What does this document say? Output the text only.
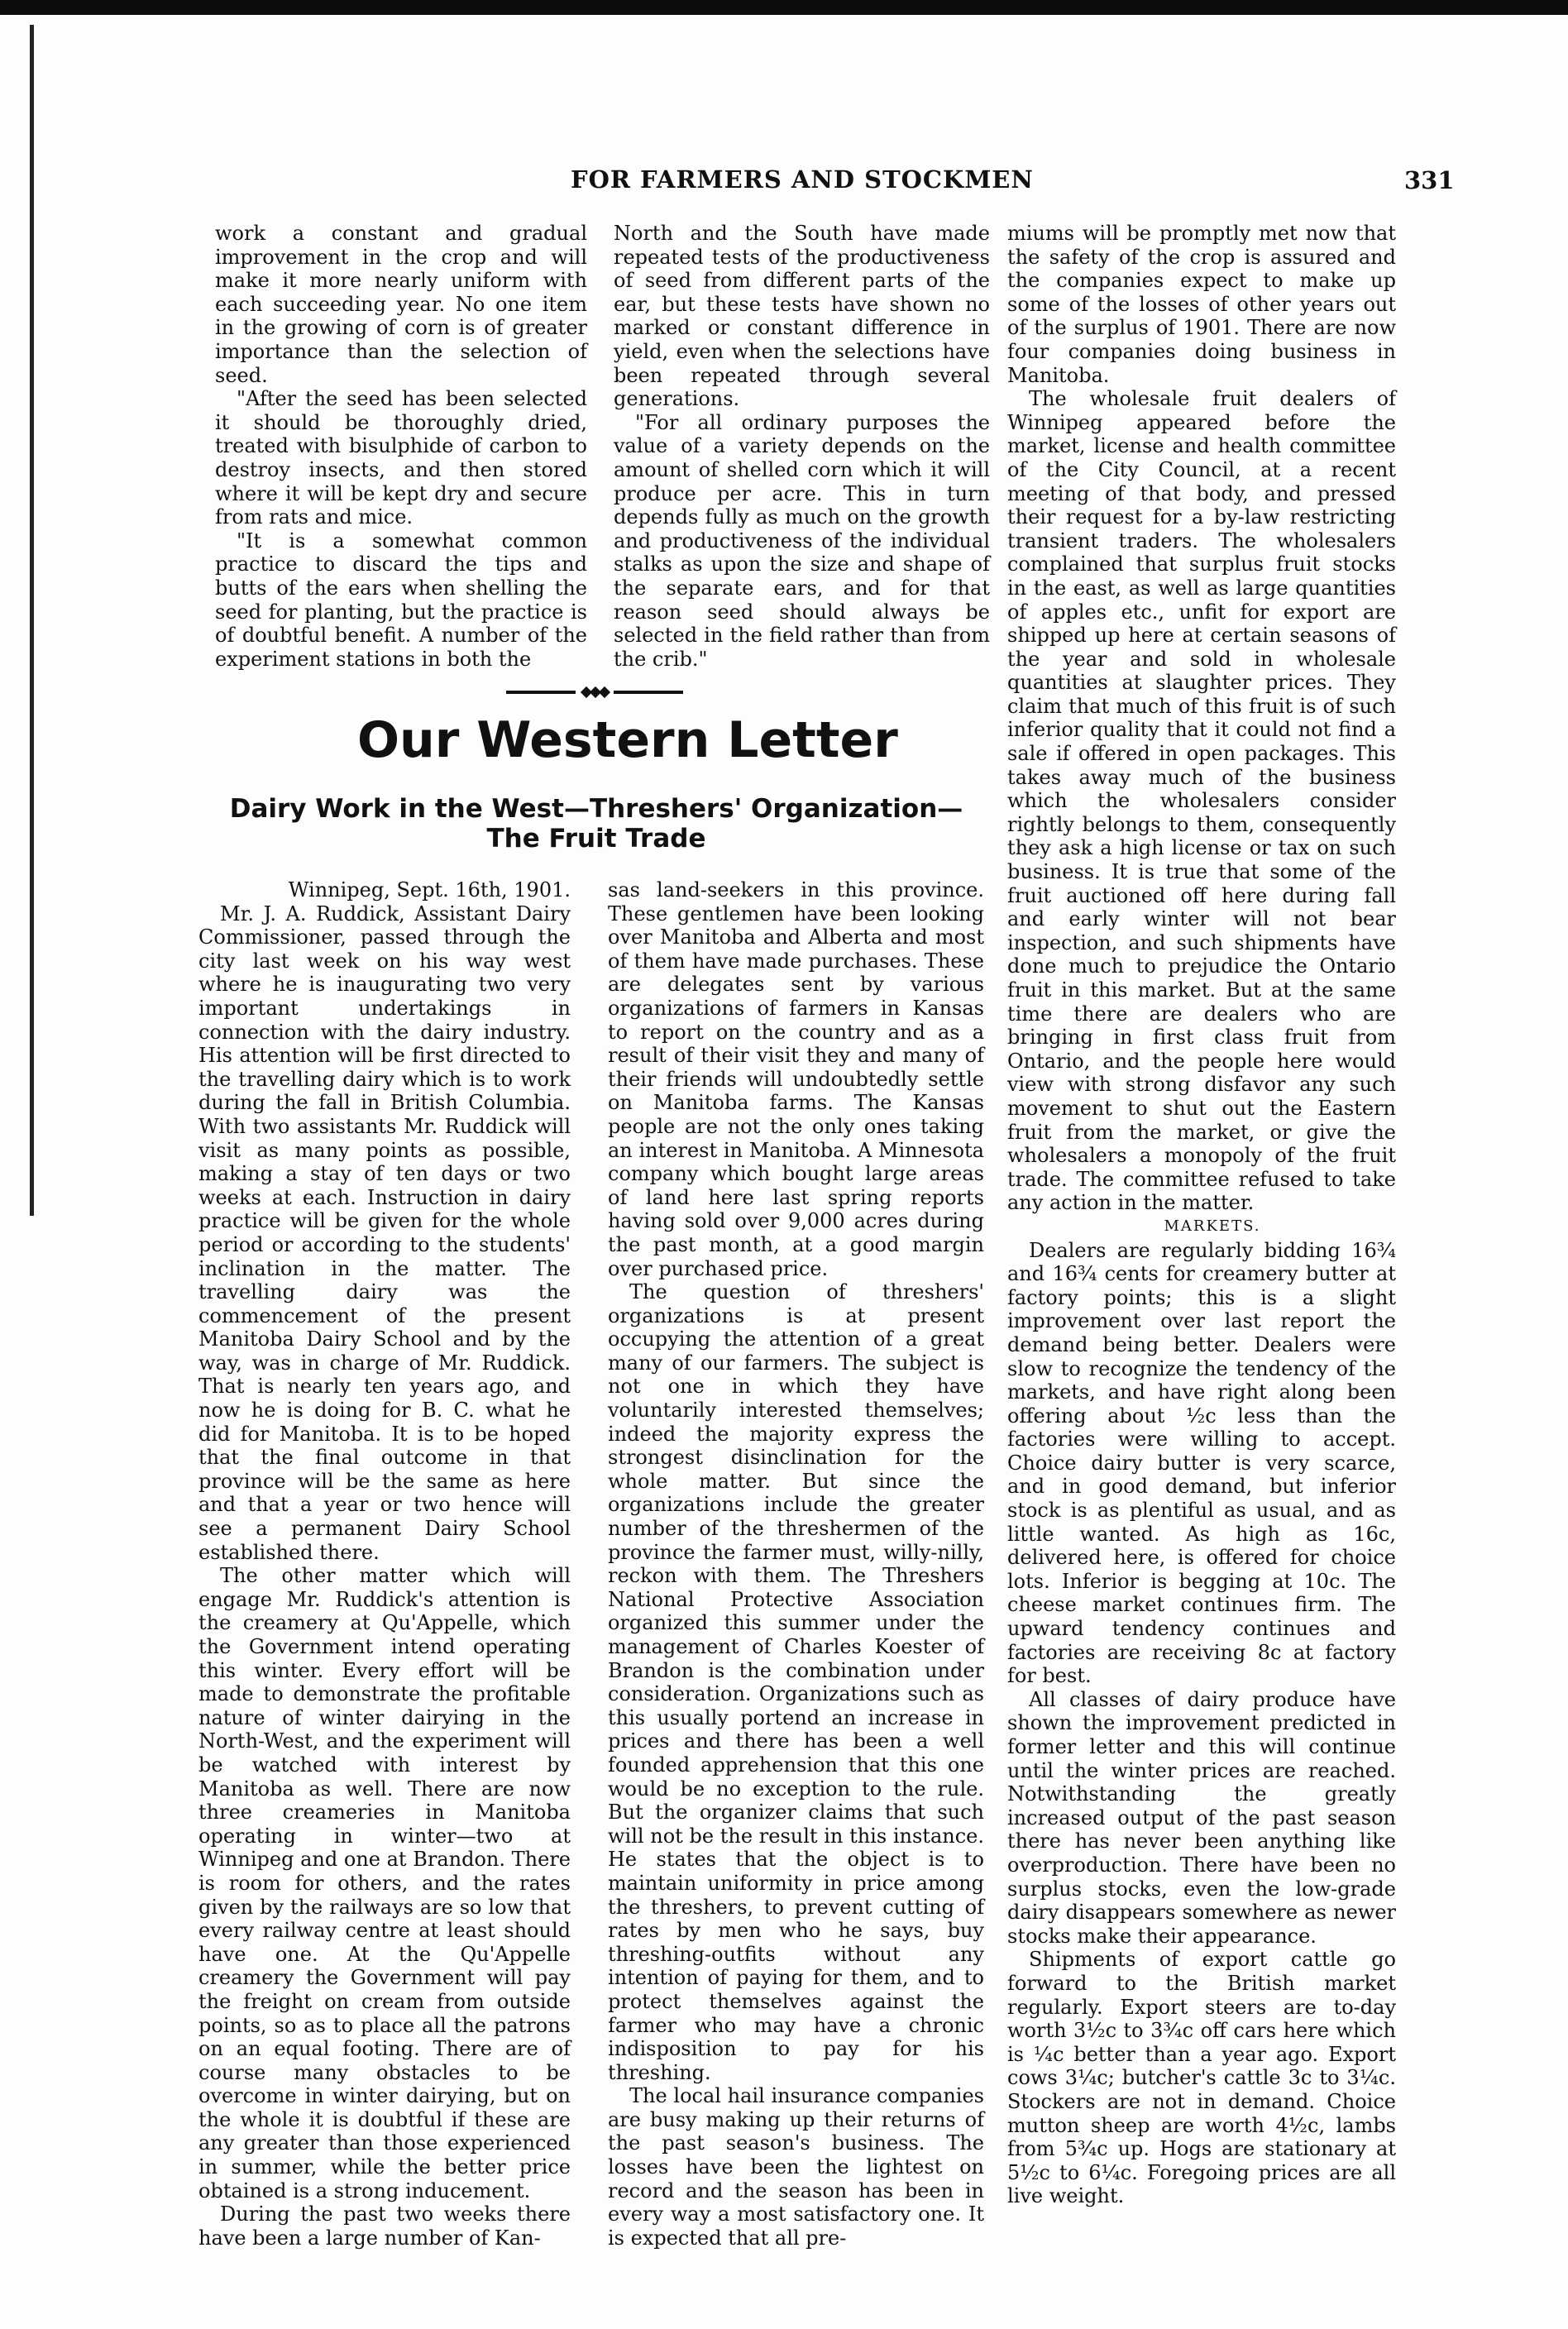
FOR FARMERS AND STOCKMEN	331

work a constant and gradual improvement in the crop and will make it more nearly uniform with each succeeding year. No one item in the growing of corn is of greater importance than the selection of seed.

"After the seed has been selected it should be thoroughly dried, treated with bisulphide of carbon to destroy insects, and then stored where it will be kept dry and secure from rats and mice.

"It is a somewhat common practice to discard the tips and butts of the ears when shelling the seed for planting, but the practice is of doubtful benefit. A number of the experiment stations in both the

North and the South have made repeated tests of the productiveness of seed from different parts of the ear, but these tests have shown no marked or constant difference in yield, even when the selections have been repeated through several generations.

"For all ordinary purposes the value of a variety depends on the amount of shelled corn which it will produce per acre. This in turn depends fully as much on the growth and productiveness of the individual stalks as upon the size and shape of the separate ears, and for that reason seed should always be selected in the field rather than from the crib."

Our Western Letter
Dairy Work in the West—Threshers' Organization—The Fruit Trade

Winnipeg, Sept. 16th, 1901.

Mr. J. A. Ruddick, Assistant Dairy Commissioner, passed through the city last week on his way west where he is inaugurating two very important undertakings in connection with the dairy industry. His attention will be first directed to the travelling dairy which is to work during the fall in British Columbia. With two assistants Mr. Ruddick will visit as many points as possible, making a stay of ten days or two weeks at each. Instruction in dairy practice will be given for the whole period or according to the students' inclination in the matter. The travelling dairy was the commencement of the present Manitoba Dairy School and by the way, was in charge of Mr. Ruddick. That is nearly ten years ago, and now he is doing for B. C. what he did for Manitoba. It is to be hoped that the final outcome in that province will be the same as here and that a year or two hence will see a permanent Dairy School established there.

The other matter which will engage Mr. Ruddick's attention is the creamery at Qu'Appelle, which the Government intend operating this winter. Every effort will be made to demonstrate the profitable nature of winter dairying in the North-West, and the experiment will be watched with interest by Manitoba as well. There are now three creameries in Manitoba operating in winter—two at Winnipeg and one at Brandon. There is room for others, and the rates given by the railways are so low that every railway centre at least should have one. At the Qu'Appelle creamery the Government will pay the freight on cream from outside points, so as to place all the patrons on an equal footing. There are of course many obstacles to be overcome in winter dairying, but on the whole it is doubtful if these are any greater than those experienced in summer, while the better price obtained is a strong inducement.

During the past two weeks there have been a large number of Kan-

sas land-seekers in this province. These gentlemen have been looking over Manitoba and Alberta and most of them have made purchases. These are delegates sent by various organizations of farmers in Kansas to report on the country and as a result of their visit they and many of their friends will undoubtedly settle on Manitoba farms. The Kansas people are not the only ones taking an interest in Manitoba. A Minnesota company which bought large areas of land here last spring reports having sold over 9,000 acres during the past month, at a good margin over purchased price.

The question of threshers' organizations is at present occupying the attention of a great many of our farmers. The subject is not one in which they have voluntarily interested themselves; indeed the majority express the strongest disinclination for the whole matter. But since the organizations include the greater number of the threshermen of the province the farmer must, willy-nilly, reckon with them. The Threshers National Protective Association organized this summer under the management of Charles Koester of Brandon is the combination under consideration. Organizations such as this usually portend an increase in prices and there has been a well founded apprehension that this one would be no exception to the rule. But the organizer claims that such will not be the result in this instance. He states that the object is to maintain uniformity in price among the threshers, to prevent cutting of rates by men who he says, buy threshing-outfits without any intention of paying for them, and to protect themselves against the farmer who may have a chronic indisposition to pay for his threshing.

The local hail insurance companies are busy making up their returns of the past season's business. The losses have been the lightest on record and the season has been in every way a most satisfactory one. It is expected that all pre-

miums will be promptly met now that the safety of the crop is assured and the companies expect to make up some of the losses of other years out of the surplus of 1901. There are now four companies doing business in Manitoba.

The wholesale fruit dealers of Winnipeg appeared before the market, license and health committee of the City Council, at a recent meeting of that body, and pressed their request for a by-law restricting transient traders. The wholesalers complained that surplus fruit stocks in the east, as well as large quantities of apples etc., unfit for export are shipped up here at certain seasons of the year and sold in wholesale quantities at slaughter prices. They claim that much of this fruit is of such inferior quality that it could not find a sale if offered in open packages. This takes away much of the business which the wholesalers consider rightly belongs to them, consequently they ask a high license or tax on such business. It is true that some of the fruit auctioned off here during fall and early winter will not bear inspection, and such shipments have done much to prejudice the Ontario fruit in this market. But at the same time there are dealers who are bringing in first class fruit from Ontario, and the people here would view with strong disfavor any such movement to shut out the Eastern fruit from the market, or give the wholesalers a monopoly of the fruit trade. The committee refused to take any action in the matter.

MARKETS.

Dealers are regularly bidding 16¾ and 16¾ cents for creamery butter at factory points; this is a slight improvement over last report the demand being better. Dealers were slow to recognize the tendency of the markets, and have right along been offering about ½c less than the factories were willing to accept. Choice dairy butter is very scarce, and in good demand, but inferior stock is as plentiful as usual, and as little wanted. As high as 16c, delivered here, is offered for choice lots. Inferior is begging at 10c. The cheese market continues firm. The upward tendency continues and factories are receiving 8c at factory for best.

All classes of dairy produce have shown the improvement predicted in former letter and this will continue until the winter prices are reached. Notwithstanding the greatly increased output of the past season there has never been anything like overproduction. There have been no surplus stocks, even the low-grade dairy disappears somewhere as newer stocks make their appearance.

Shipments of export cattle go forward to the British market regularly. Export steers are to-day worth 3½c to 3¾c off cars here which is ¼c better than a year ago. Export cows 3¼c; butcher's cattle 3c to 3¼c. Stockers are not in demand. Choice mutton sheep are worth 4½c, lambs from 5¾c up. Hogs are stationary at 5½c to 6¼c. Foregoing prices are all live weight.
